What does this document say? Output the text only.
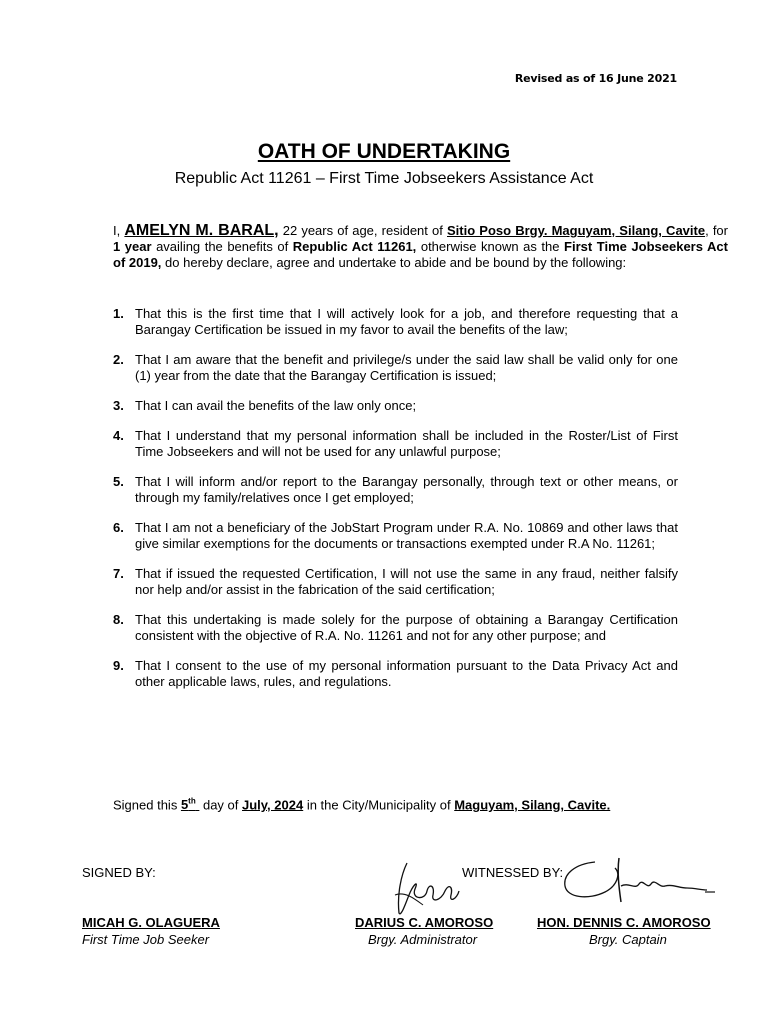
Revised as of 16 June 2021
OATH OF UNDERTAKING
Republic Act 11261 – First Time Jobseekers Assistance Act
I, AMELYN M. BARAL, 22 years of age, resident of Sitio Poso Brgy. Maguyam, Silang, Cavite, for 1 year availing the benefits of Republic Act 11261, otherwise known as the First Time Jobseekers Act of 2019, do hereby declare, agree and undertake to abide and be bound by the following:
1. That this is the first time that I will actively look for a job, and therefore requesting that a Barangay Certification be issued in my favor to avail the benefits of the law;
2. That I am aware that the benefit and privilege/s under the said law shall be valid only for one (1) year from the date that the Barangay Certification is issued;
3. That I can avail the benefits of the law only once;
4. That I understand that my personal information shall be included in the Roster/List of First Time Jobseekers and will not be used for any unlawful purpose;
5. That I will inform and/or report to the Barangay personally, through text or other means, or through my family/relatives once I get employed;
6. That I am not a beneficiary of the JobStart Program under R.A. No. 10869 and other laws that give similar exemptions for the documents or transactions exempted under R.A No. 11261;
7. That if issued the requested Certification, I will not use the same in any fraud, neither falsify nor help and/or assist in the fabrication of the said certification;
8. That this undertaking is made solely for the purpose of obtaining a Barangay Certification consistent with the objective of R.A. No. 11261 and not for any other purpose; and
9. That I consent to the use of my personal information pursuant to the Data Privacy Act and other applicable laws, rules, and regulations.
Signed this 5th  day of July, 2024 in the City/Municipality of Maguyam, Silang, Cavite.
SIGNED BY:	WITNESSED BY:
MICAH G. OLAGUERA
First Time Job Seeker
DARIUS C. AMOROSO
Brgy. Administrator
HON. DENNIS C. AMOROSO
Brgy. Captain
